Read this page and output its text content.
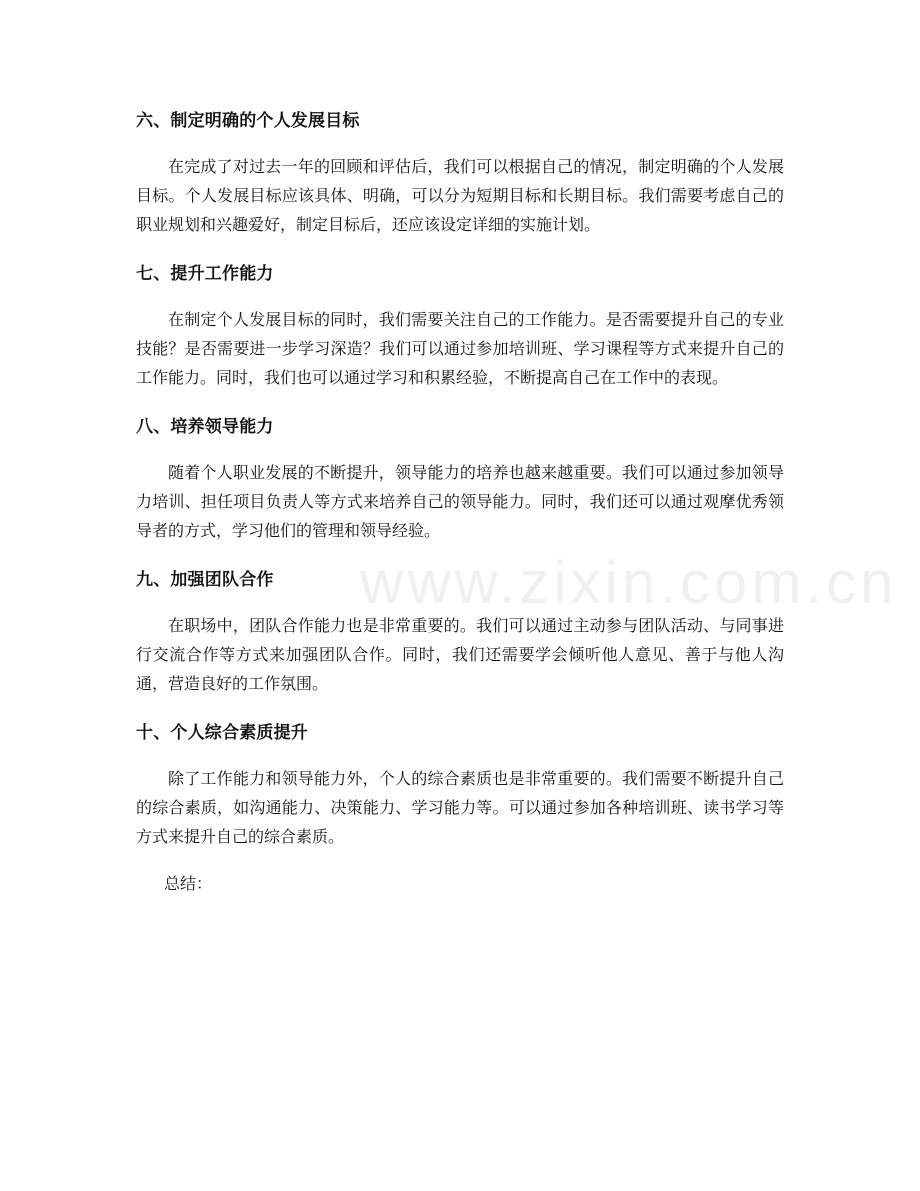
六、制定明确的个人发展目标

在完成了对过去一年的回顾和评估后，我们可以根据自己的情况，制定明确的个人发展目标。个人发展目标应该具体、明确，可以分为短期目标和长期目标。我们需要考虑自己的职业规划和兴趣爱好，制定目标后，还应该设定详细的实施计划。

七、提升工作能力

在制定个人发展目标的同时，我们需要关注自己的工作能力。是否需要提升自己的专业技能？是否需要进一步学习深造？我们可以通过参加培训班、学习课程等方式来提升自己的工作能力。同时，我们也可以通过学习和积累经验，不断提高自己在工作中的表现。

八、培养领导能力

随着个人职业发展的不断提升，领导能力的培养也越来越重要。我们可以通过参加领导力培训、担任项目负责人等方式来培养自己的领导能力。同时，我们还可以通过观摩优秀领导者的方式，学习他们的管理和领导经验。

九、加强团队合作

在职场中，团队合作能力也是非常重要的。我们可以通过主动参与团队活动、与同事进行交流合作等方式来加强团队合作。同时，我们还需要学会倾听他人意见、善于与他人沟通，营造良好的工作氛围。

十、个人综合素质提升

除了工作能力和领导能力外，个人的综合素质也是非常重要的。我们需要不断提升自己的综合素质，如沟通能力、决策能力、学习能力等。可以通过参加各种培训班、读书学习等方式来提升自己的综合素质。

总结：
www.zixin.com.cn
